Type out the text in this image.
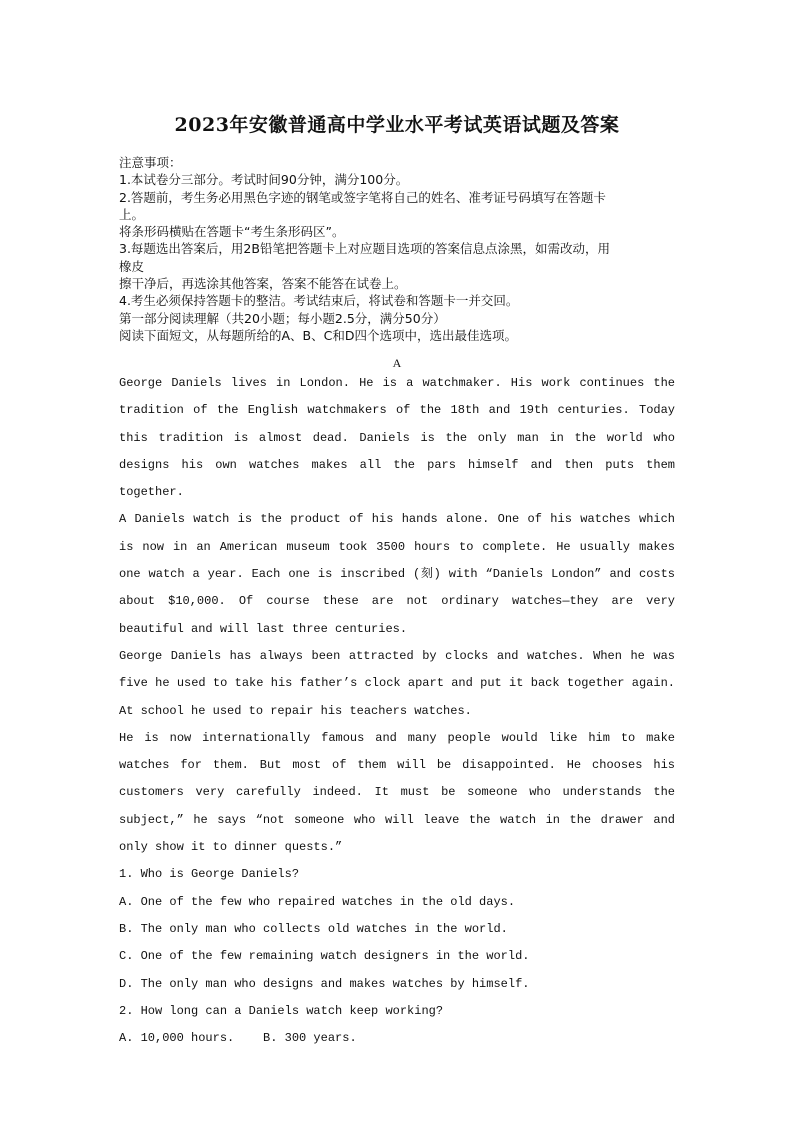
2023年安徽普通高中学业水平考试英语试题及答案
注意事项：
1.本试卷分三部分。考试时间90分钟，满分100分。
2.答题前，考生务必用黑色字迹的钢笔或签字笔将自己的姓名、准考证号码填写在答题卡
上。
将条形码横贴在答题卡“考生条形码区”。
3.每题选出答案后，用2B铅笔把答题卡上对应题目选项的答案信息点涂黑，如需改动，用
橡皮
擦干净后，再选涂其他答案，答案不能答在试卷上。
4.考生必须保持答题卡的整洁。考试结束后，将试卷和答题卡一并交回。
第一部分阅读理解（共20小题；每小题2.5分，满分50分）
阅读下面短文，从每题所给的A、B、C和D四个选项中，选出最佳选项。
A

George Daniels lives in London. He is a watchmaker. His work continues the tradition of the English watchmakers of the 18th and 19th centuries. Today this tradition is almost dead. Daniels is the only man in the world who designs his own watches makes all the pars himself and then puts them together.

A Daniels watch is the product of his hands alone. One of his watches which is now in an American museum took 3500 hours to complete. He usually makes one watch a year. Each one is inscribed (刻) with “Daniels London” and costs about $10,000. Of course these are not ordinary watches—they are very beautiful and will last three centuries.

George Daniels has always been attracted by clocks and watches. When he was five he used to take his father’s clock apart and put it back together again. At school he used to repair his teachers watches.

He is now internationally famous and many people would like him to make watches for them. But most of them will be disappointed. He chooses his customers very carefully indeed. It must be someone who understands the subject,” he says “not someone who will leave the watch in the drawer and only show it to dinner quests.”

1. Who is George Daniels?

A. One of the few who repaired watches in the old days.

B. The only man who collects old watches in the world.

C. One of the few remaining watch designers in the world.

D. The only man who designs and makes watches by himself.

2. How long can a Daniels watch keep working?

A. 10,000 hours.    B. 300 years.
